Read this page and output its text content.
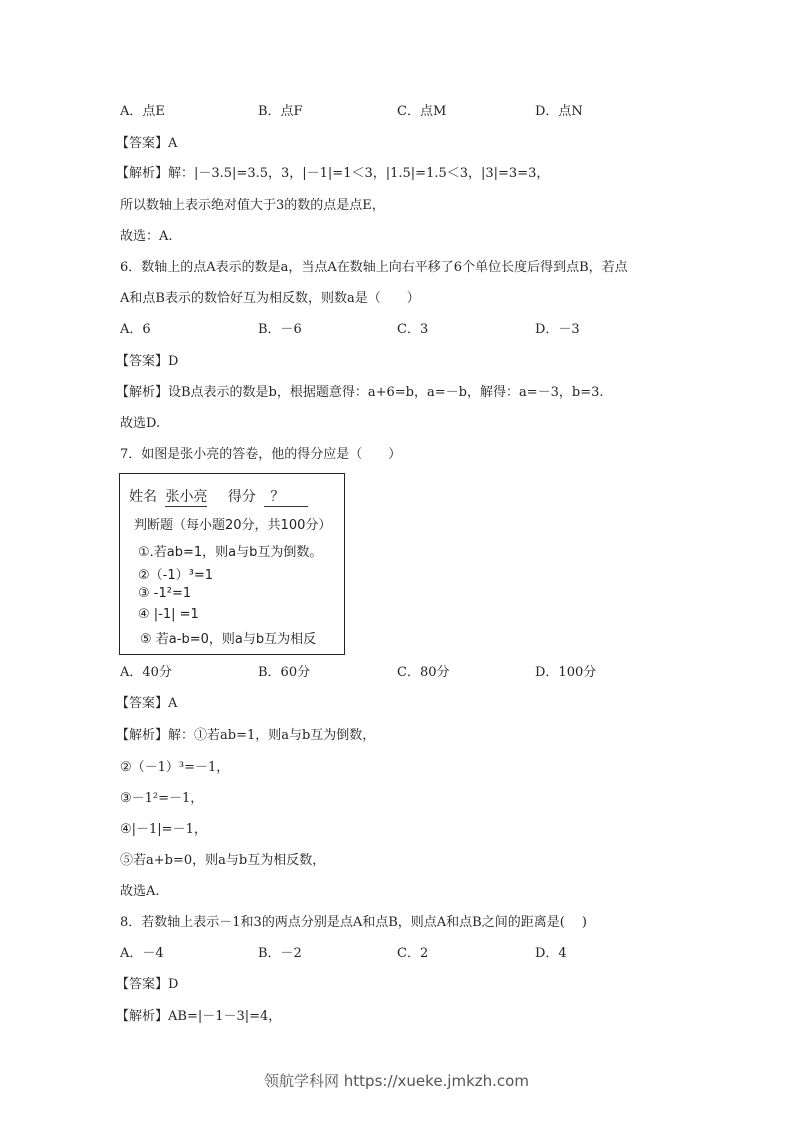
A．点E	B．点F	C．点M	D．点N
【答案】A
【解析】解：|－3.5|=3.5，3，|－1|=1＜3，|1.5|=1.5＜3，|3|=3=3，
所以数轴上表示绝对值大于3的数的点是点E，
故选：A.
6．数轴上的点A表示的数是a，当点A在数轴上向右平移了6个单位长度后得到点B，若点
A和点B表示的数恰好互为相反数，则数a是（　　）
A．6	B．－6	C．3	D．－3
【答案】D
【解析】设B点表示的数是b，根据题意得：a+6=b，a=－b，解得：a=－3，b=3.
故选D.
7．如图是张小亮的答卷，他的得分应是（　　）
姓名 张小亮 得分 ？
判断题（每小题20分，共100分）
①.若ab=1，则a与b互为倒数。
②（-1）³=1
③ -1²=1
④ |-1| =1
⑤ 若a-b=0，则a与b互为相反
A．40分	B．60分	C．80分	D．100分
【答案】A
【解析】解：①若ab=1，则a与b互为倒数，
②（－1）³=－1，
③－1²=－1，
④|－1|=－1，
⑤若a+b=0，则a与b互为相反数，
故选A.
8．若数轴上表示－1和3的两点分别是点A和点B，则点A和点B之间的距离是(　 )
A．－4	B．－2	C．2	D．4
【答案】D
【解析】AB=|－1－3|=4，
领航学科网 https://xueke.jmkzh.com
